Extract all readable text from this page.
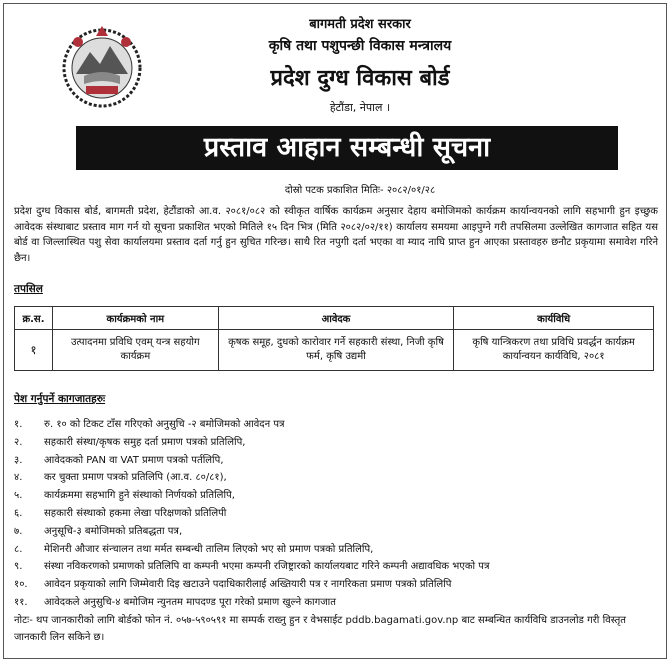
बागमती प्रदेश सरकार
कृषि तथा पशुपन्छी विकास मन्त्रालय
प्रदेश दुग्ध विकास बोर्ड
हेटौंडा, नेपाल ।
प्रस्ताव आहान सम्बन्धी सूचना
दोस्रो पटक प्रकाशित मितिः- २०८२/०१/२८
प्रदेश दुग्ध विकास बोर्ड, बागमती प्रदेश, हेटौंडाको आ.व. २०८१/०८२ को स्वीकृत वार्षिक कार्यक्रम अनुसार देहाय बमोजिमको कार्यक्रम कार्यान्वयनको लागि सहभागी हुन इच्छुक आवेदक संस्थाबाट प्रस्ताव माग गर्न यो सूचना प्रकाशित भएको मितिले १५ दिन भित्र (मिति २०८२/०२/११) कार्यालय समयमा आइपुग्ने गरी तपसिलमा उल्लेखित कागजात सहित यस बोर्ड वा जिल्लास्थित पशु सेवा कार्यालयमा प्रस्ताव दर्ता गर्नु हुन सुचित गरिन्छ। साथै रित नपुगी दर्ता भएका वा म्याद नाघि प्राप्त हुन आएका प्रस्तावहरु छनौट प्रकृयामा समावेश गरिने छैन।
तपसिल
क्र.स.	कार्यक्रमको नाम	आवेदक	कार्यविधि
१	उत्पादनमा प्रविधि एवम् यन्त्र सहयोग कार्यक्रम	कृषक समूह, दुधको कारोवार गर्ने सहकारी संस्था, निजी कृषि फर्म, कृषि उद्यमी	कृषि यान्त्रिकरण तथा प्रविधि प्रवर्द्धन कार्यक्रम कार्यान्वयन कार्यविधि, २०८१
पेश गर्नुपर्ने कागजातहरुः
१. रु. १० को टिकट टाँस गरिएको अनुसुचि -२ बमोजिमको आवेदन पत्र
२. सहकारी संस्था/कृषक समुह दर्ता प्रमाण पत्रको प्रतिलिपि,
३. आवेदकको PAN वा VAT प्रमाण पत्रको पर्तलिपि,
४. कर चुक्ता प्रमाण पत्रको प्रतिलिपि (आ.व. ८०/८१),
५. कार्यक्रममा सहभागि हुने संस्थाको निर्णयको प्रतिलिपि,
६. सहकारी संस्थाको हकमा लेखा परिक्षणको प्रतिलिपी
७. अनुसूचि-३ बमोजिमको प्रतिबद्धता पत्र,
८. मेशिनरी औजार संन्चालन तथा मर्मत सम्बन्धी तालिम लिएको भए सो प्रमाण पत्रको प्रतिलिपि,
९. संस्था नविकरणको प्रमाणको प्रतिलिपि वा कम्पनी भएमा कम्पनी रजिष्ट्रारको कार्यालयबाट गरिने कम्पनी अद्यावधिक भएको पत्र
१०. आवेदन प्रकृयाको लागि जिम्मेवारी दिइ खटाउने पदाधिकारीलाई अख्तियारी पत्र र नागरिकता प्रमाण पत्रको प्रतिलिपि
११. आवेदकले अनुसुचि-४ बमोजिम न्युनतम मापदण्ड पूरा गरेको प्रमाण खुल्ने कागजात
नोटः- थप जानकारीको लागि बोर्डको फोन नं. ०५७-५९०५९१ मा सम्पर्क राख्नु हुन र वेभसाईट pddb.bagamati.gov.np बाट सम्बन्धित कार्यविधि डाउनलोड गरी विस्तृत जानकारी लिन सकिने छ।
